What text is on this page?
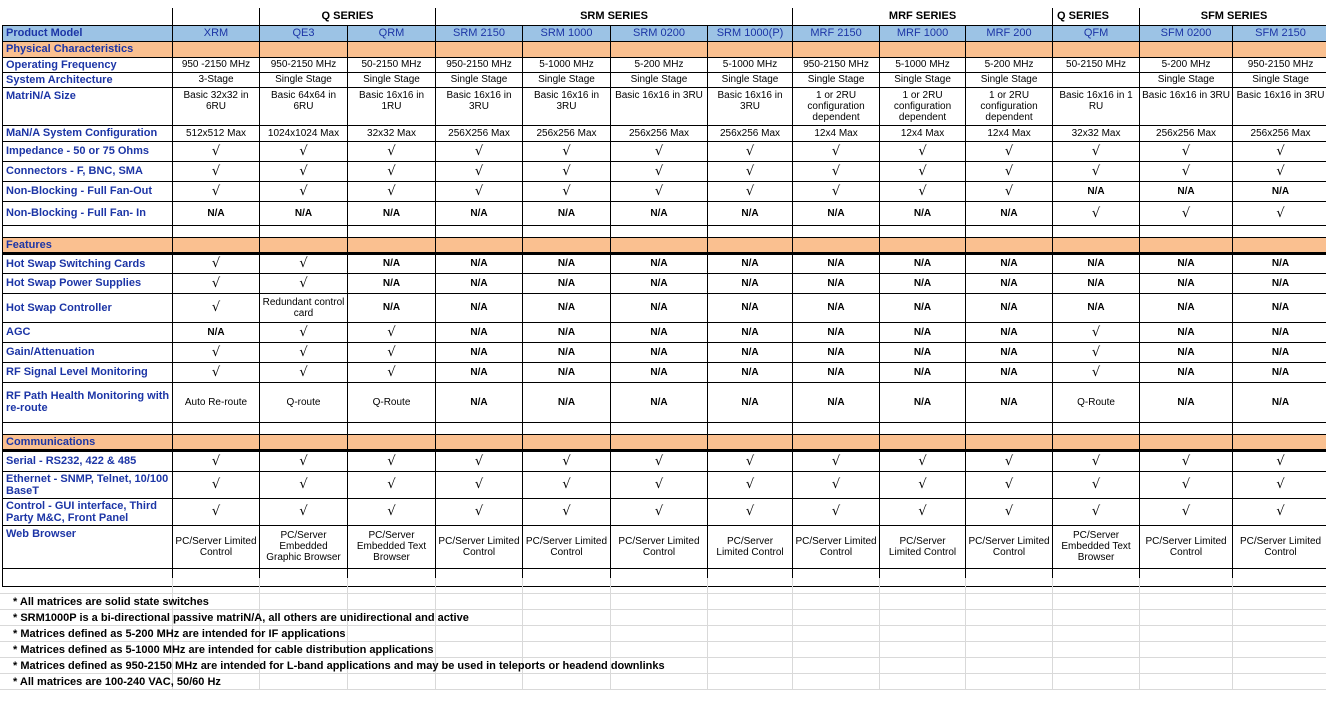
		Q SERIES		SRM SERIES				MRF SERIES			Q SERIES	SFM SERIES	
Product Model	XRM	QE3	QRM	SRM 2150	SRM 1000	SRM 0200	SRM 1000(P)	MRF 2150	MRF 1000	MRF 200	QFM	SFM 0200	SFM 2150
Physical Characteristics													
Operating Frequency	950 -2150 MHz	950-2150 MHz	50-2150 MHz	950-2150 MHz	5-1000 MHz	5-200 MHz	5-1000 MHz	950-2150 MHz	5-1000 MHz	5-200 MHz	50-2150 MHz	5-200 MHz	950-2150 MHz
System Architecture	3-Stage	Single Stage	Single Stage	Single Stage	Single Stage	Single Stage	Single Stage	Single Stage	Single Stage	Single Stage		Single Stage	Single Stage
MatriN/A Size	Basic 32x32 in 6RU	Basic 64x64 in 6RU	Basic 16x16 in 1RU	Basic 16x16 in 3RU	Basic 16x16 in 3RU	Basic 16x16 in 3RU	Basic 16x16 in 3RU	1 or 2RU configuration dependent	1 or 2RU configuration dependent	1 or 2RU configuration dependent	Basic 16x16 in 1 RU	Basic 16x16 in 3RU	Basic 16x16 in 3RU
MaN/A System Configuration	512x512 Max	1024x1024 Max	32x32 Max	256X256 Max	256x256 Max	256x256 Max	256x256 Max	12x4 Max	12x4 Max	12x4 Max	32x32 Max	256x256 Max	256x256 Max
Impedance - 50 or 75 Ohms	√	√	√	√	√	√	√	√	√	√	√	√	√
Connectors - F, BNC, SMA	√	√	√	√	√	√	√	√	√	√	√	√	√
Non-Blocking - Full Fan-Out	√	√	√	√	√	√	√	√	√	√	N/A	N/A	N/A
Non-Blocking - Full Fan- In	N/A	N/A	N/A	N/A	N/A	N/A	N/A	N/A	N/A	N/A	√	√	√

Features													
Hot Swap Switching Cards	√	√	N/A	N/A	N/A	N/A	N/A	N/A	N/A	N/A	N/A	N/A	N/A
Hot Swap Power Supplies	√	√	N/A	N/A	N/A	N/A	N/A	N/A	N/A	N/A	N/A	N/A	N/A
Hot Swap Controller	√	Redundant control card	N/A	N/A	N/A	N/A	N/A	N/A	N/A	N/A	N/A	N/A	N/A
AGC	N/A	√	√	N/A	N/A	N/A	N/A	N/A	N/A	N/A	√	N/A	N/A
Gain/Attenuation	√	√	√	N/A	N/A	N/A	N/A	N/A	N/A	N/A	√	N/A	N/A
RF Signal Level Monitoring	√	√	√	N/A	N/A	N/A	N/A	N/A	N/A	N/A	√	N/A	N/A
RF Path Health Monitoring with re-route	Auto Re-route	Q-route	Q-Route	N/A	N/A	N/A	N/A	N/A	N/A	N/A	Q-Route	N/A	N/A

Communications													
Serial - RS232, 422 & 485	√	√	√	√	√	√	√	√	√	√	√	√	√
Ethernet - SNMP, Telnet, 10/100 BaseT	√	√	√	√	√	√	√	√	√	√	√	√	√
Control - GUI interface, Third Party M&C, Front Panel	√	√	√	√	√	√	√	√	√	√	√	√	√
Web Browser	PC/Server Limited Control	PC/Server Embedded Graphic Browser	PC/Server Embedded Text Browser	PC/Server Limited Control	PC/Server Limited Control	PC/Server Limited Control	PC/Server Limited Control	PC/Server Limited Control	PC/Server Limited Control	PC/Server Limited Control	PC/Server Embedded Text Browser	PC/Server Limited Control	PC/Server Limited Control

* All matrices are solid state switches
* SRM1000P is a bi-directional passive matriN/A, all others are unidirectional and active
* Matrices defined as 5-200 MHz are intended for IF applications
* Matrices defined as 5-1000 MHz are intended for cable distribution applications
* Matrices defined as 950-2150 MHz are intended for L-band applications and may be used in teleports or headend downlinks
* All matrices are 100-240 VAC, 50/60 Hz
